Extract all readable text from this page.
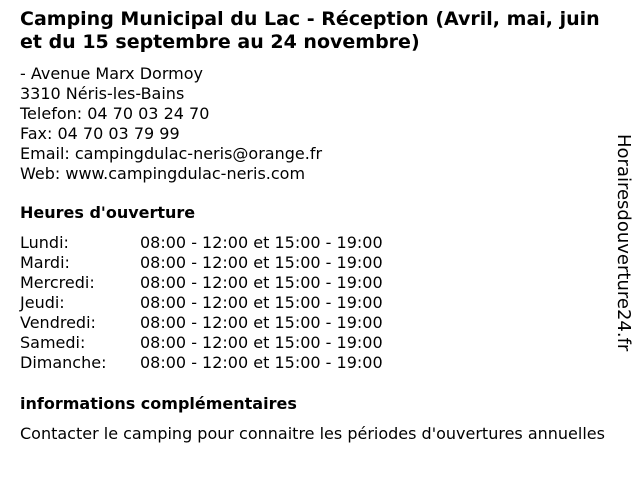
Camping Municipal du Lac - Réception (Avril, mai, juin et du 15 septembre au 24 novembre)
- Avenue Marx Dormoy
3310 Néris-les-Bains
Telefon: 04 70 03 24 70
Fax: 04 70 03 79 99
Email: campingdulac-neris@orange.fr
Web: www.campingdulac-neris.com
Heures d'ouverture
Lundi:	08:00 - 12:00 et 15:00 - 19:00
Mardi:	08:00 - 12:00 et 15:00 - 19:00
Mercredi:	08:00 - 12:00 et 15:00 - 19:00
Jeudi:	08:00 - 12:00 et 15:00 - 19:00
Vendredi:	08:00 - 12:00 et 15:00 - 19:00
Samedi:	08:00 - 12:00 et 15:00 - 19:00
Dimanche:	08:00 - 12:00 et 15:00 - 19:00
informations complémentaires
Contacter le camping pour connaitre les périodes d'ouvertures annuelles
Horairesdouverture24.fr
